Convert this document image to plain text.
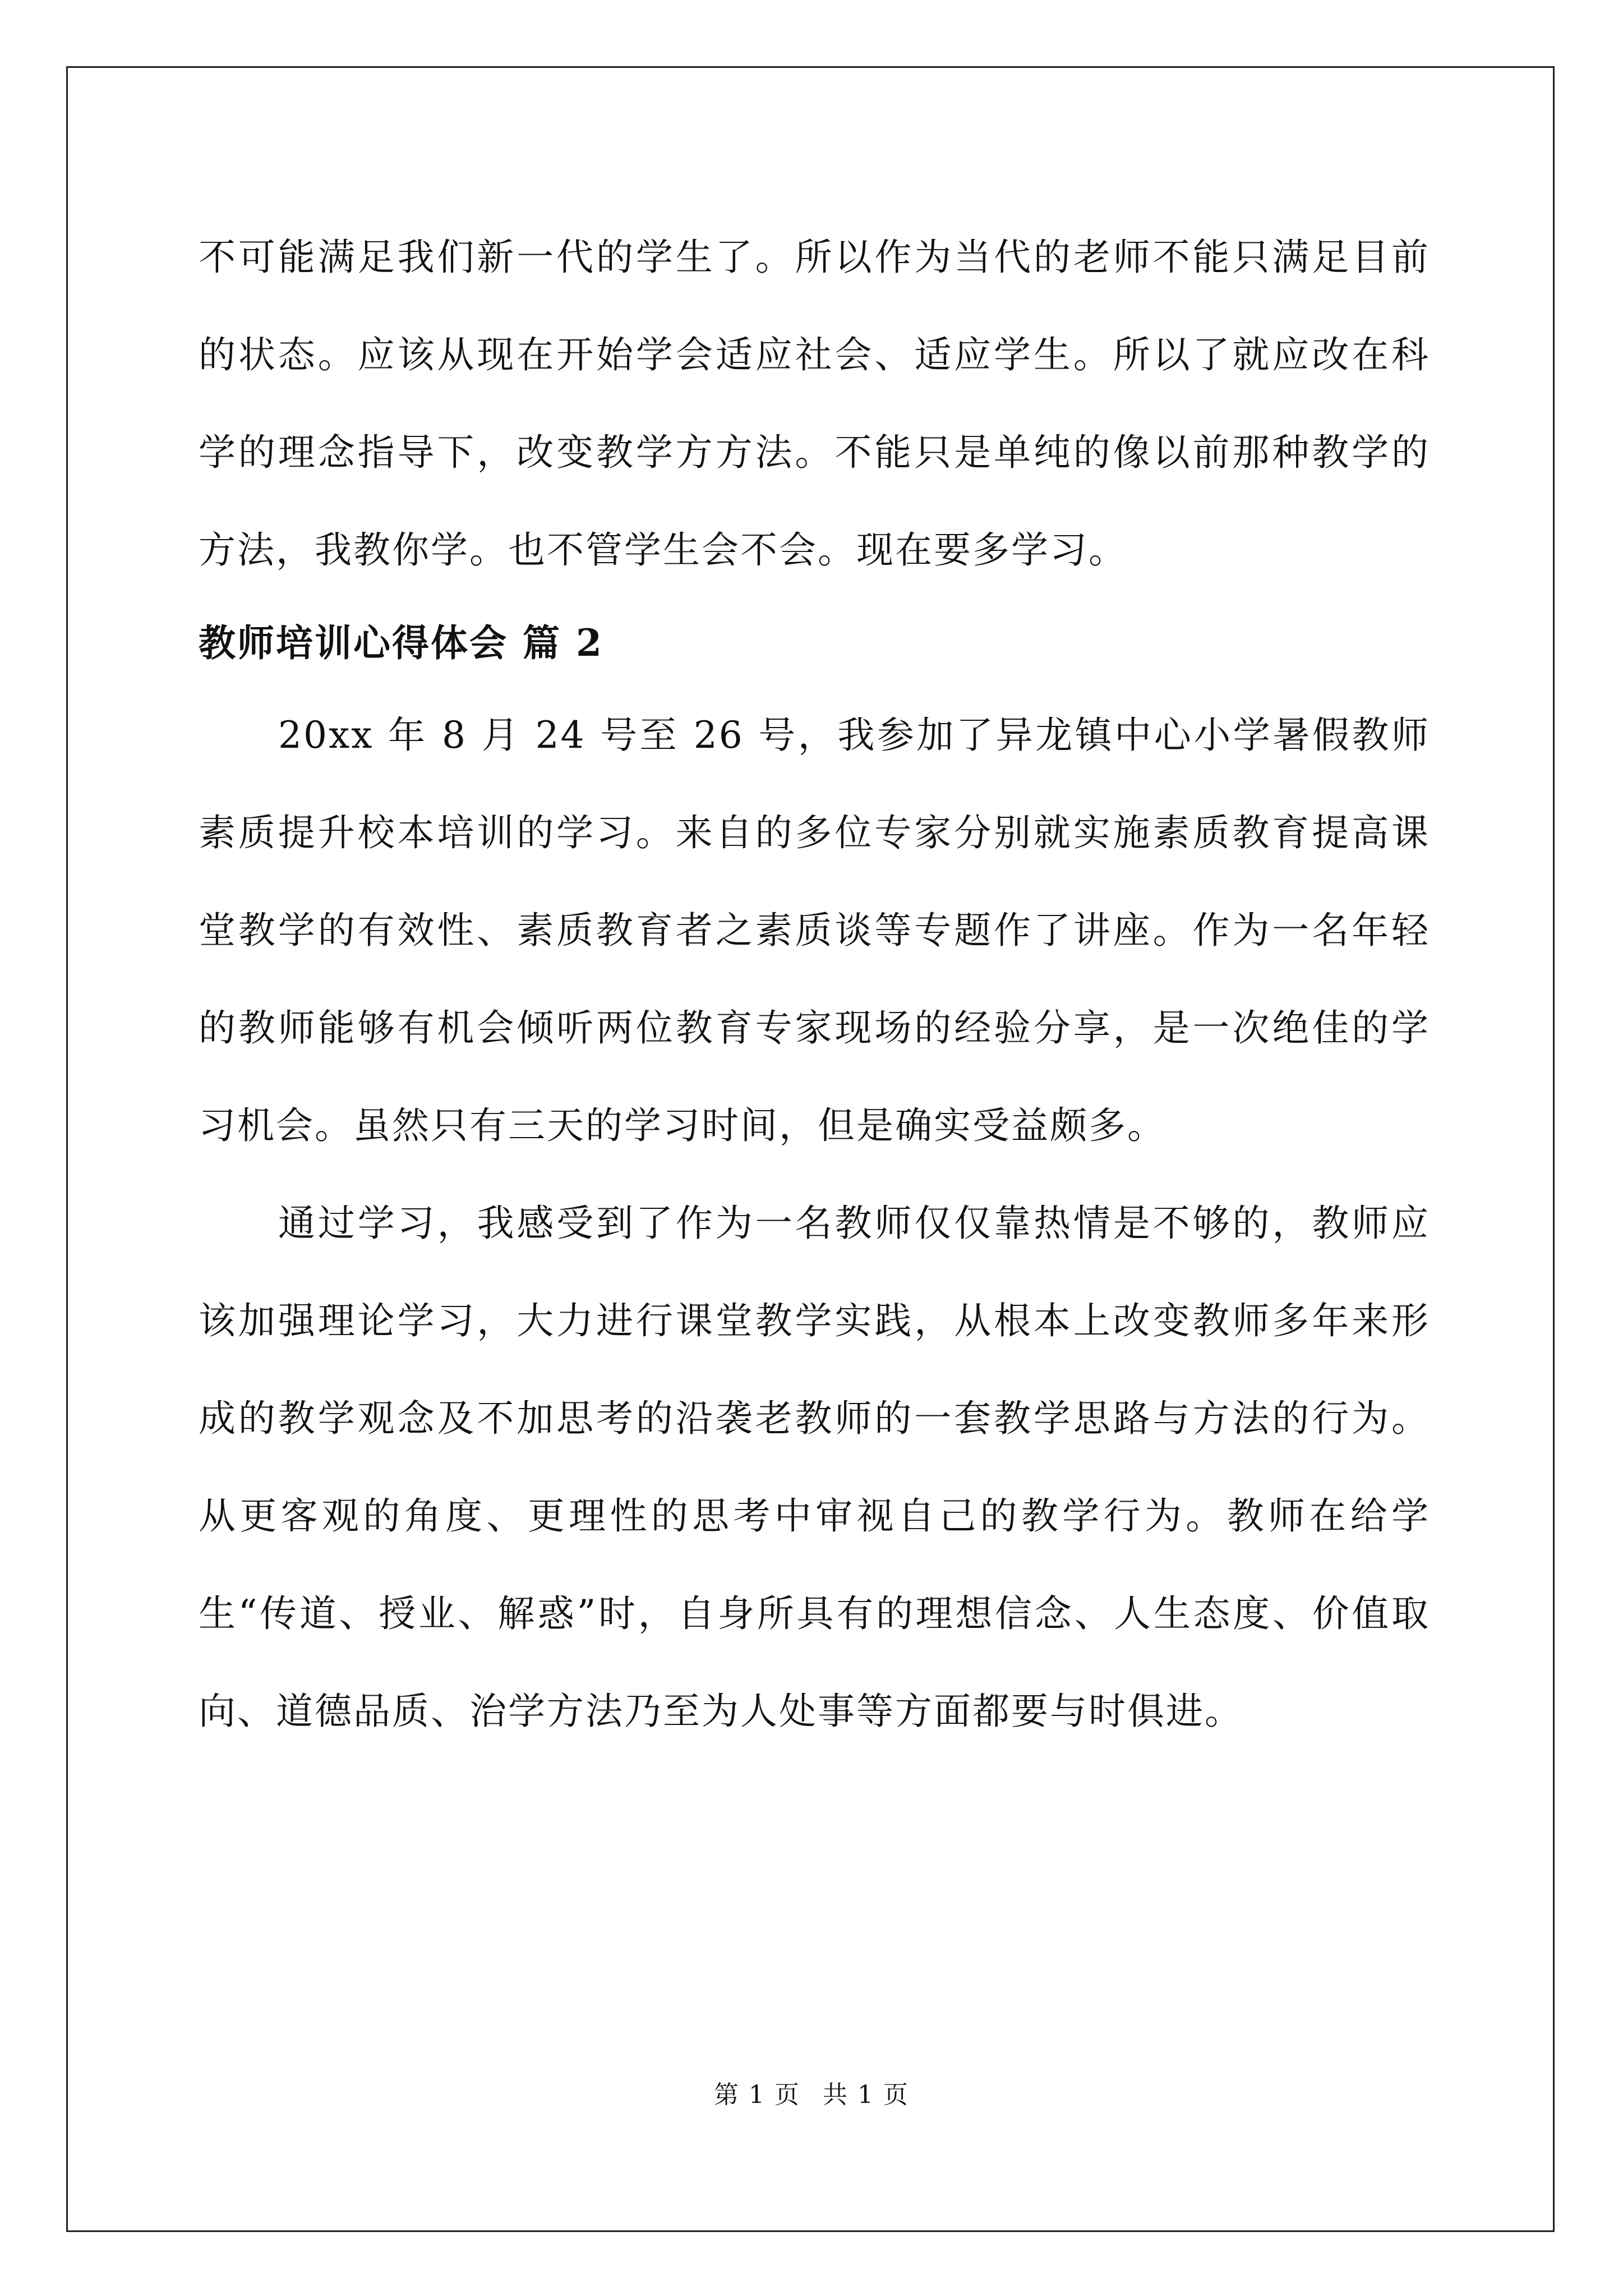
不可能满足我们新一代的学生了。所以作为当代的老师不能只满足目前的状态。应该从现在开始学会适应社会、适应学生。所以了就应改在科学的理念指导下，改变教学方方法。不能只是单纯的像以前那种教学的方法，我教你学。也不管学生会不会。现在要多学习。

教师培训心得体会 篇 2

20xx 年 8 月 24 号至 26 号，我参加了异龙镇中心小学暑假教师素质提升校本培训的学习。来自的多位专家分别就实施素质教育提高课堂教学的有效性、素质教育者之素质谈等专题作了讲座。作为一名年轻的教师能够有机会倾听两位教育专家现场的经验分享，是一次绝佳的学习机会。虽然只有三天的学习时间，但是确实受益颇多。

通过学习，我感受到了作为一名教师仅仅靠热情是不够的，教师应该加强理论学习，大力进行课堂教学实践，从根本上改变教师多年来形成的教学观念及不加思考的沿袭老教师的一套教学思路与方法的行为。从更客观的角度、更理性的思考中审视自己的教学行为。教师在给学生“传道、授业、解惑”时，自身所具有的理想信念、人生态度、价值取向、道德品质、治学方法乃至为人处事等方面都要与时俱进。

第 1 页 共 1 页
